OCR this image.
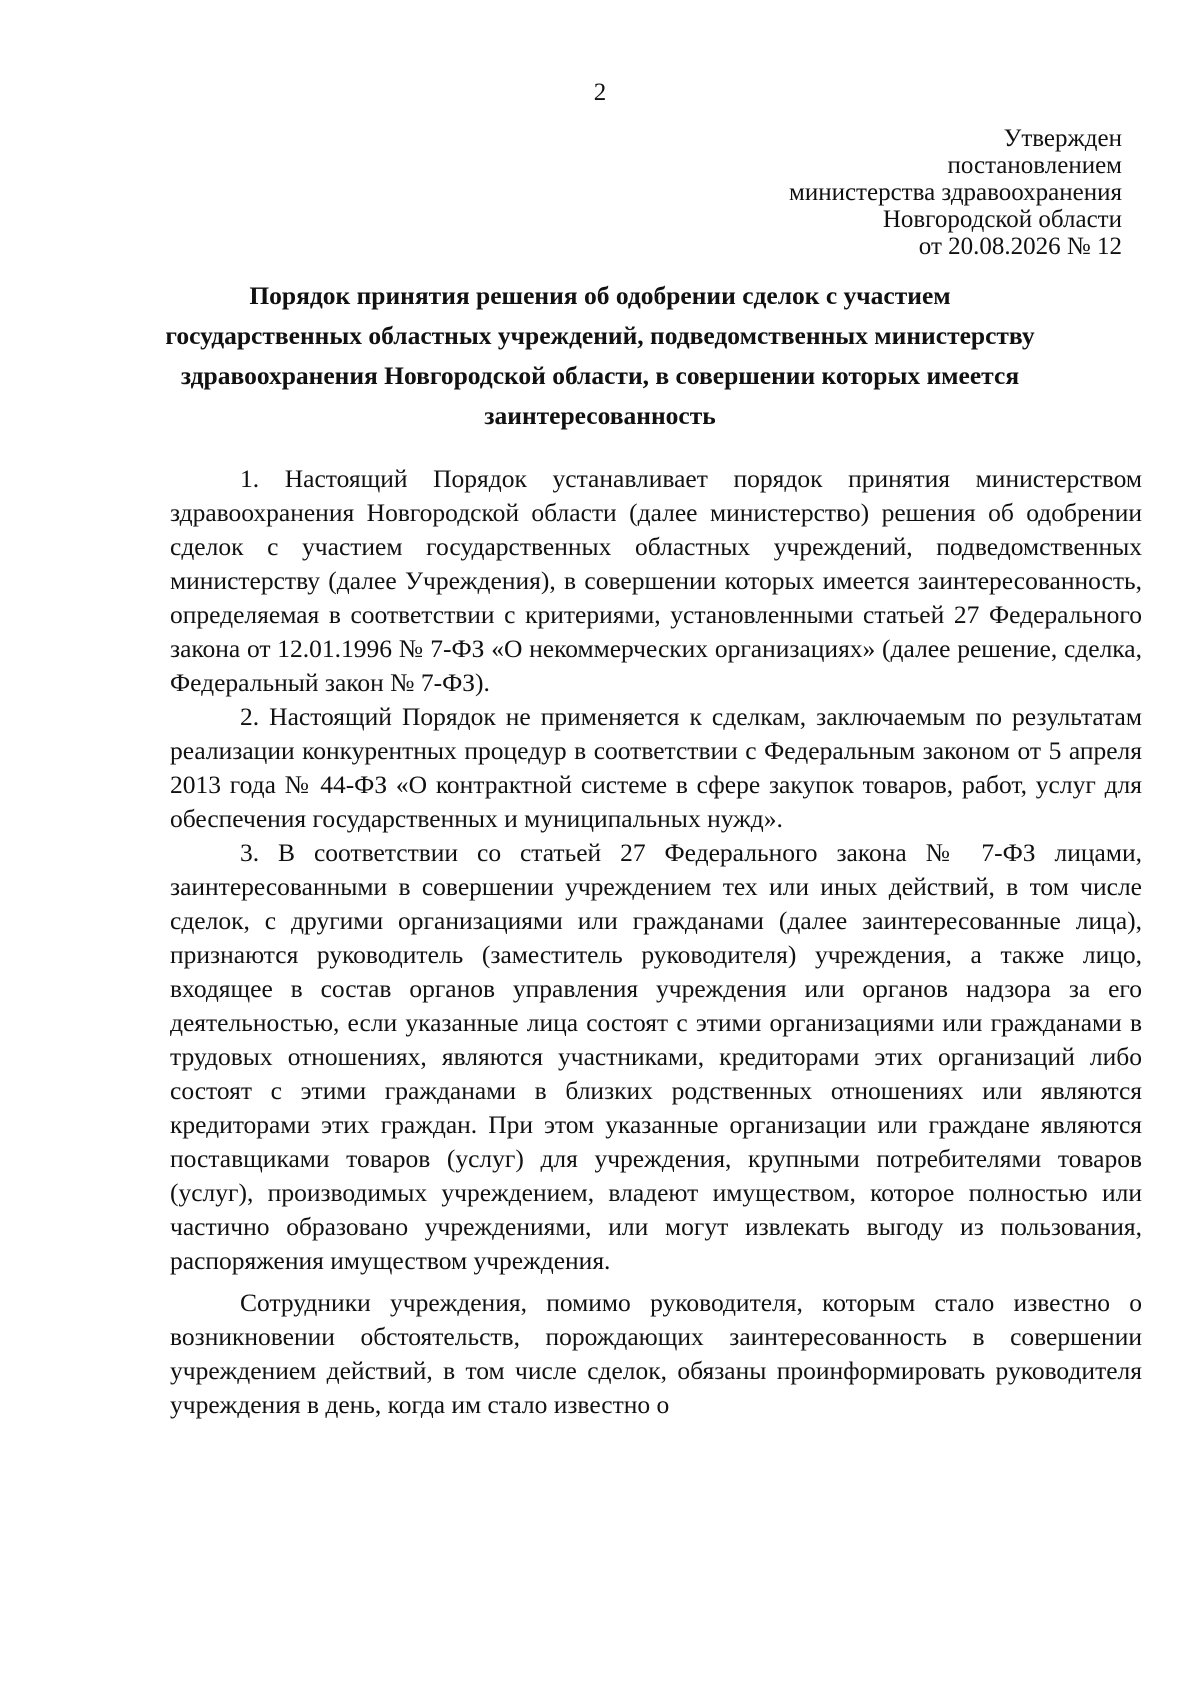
2
Утвержден
постановлением
министерства здравоохранения
Новгородской области
от 20.08.2026 № 12
Порядок принятия решения об одобрении сделок с участием
государственных областных учреждений, подведомственных министерству
здравоохранения Новгородской области, в совершении которых имеется
заинтересованность

1. Настоящий Порядок устанавливает порядок принятия министерством здравоохранения Новгородской области (далее министерство) решения об одобрении сделок с участием государственных областных учреждений, подведомственных министерству (далее Учреждения), в совершении которых имеется заинтересованность, определяемая в соответствии с критериями, установленными статьей 27 Федерального закона от 12.01.1996 № 7-ФЗ «О некоммерческих организациях» (далее решение, сделка, Федеральный закон № 7-ФЗ).

2. Настоящий Порядок не применяется к сделкам, заключаемым по результатам реализации конкурентных процедур в соответствии с Федеральным законом от 5 апреля 2013 года № 44-ФЗ «О контрактной системе в сфере закупок товаров, работ, услуг для обеспечения государственных и муниципальных нужд».

3. В соответствии со статьей 27 Федерального закона № 7-ФЗ лицами, заинтересованными в совершении учреждением тех или иных действий, в том числе сделок, с другими организациями или гражданами (далее заинтересованные лица), признаются руководитель (заместитель руководителя) учреждения, а также лицо, входящее в состав органов управления учреждения или органов надзора за его деятельностью, если указанные лица состоят с этими организациями или гражданами в трудовых отношениях, являются участниками, кредиторами этих организаций либо состоят с этими гражданами в близких родственных отношениях или являются кредиторами этих граждан. При этом указанные организации или граждане являются поставщиками товаров (услуг) для учреждения, крупными потребителями товаров (услуг), производимых учреждением, владеют имуществом, которое полностью или частично образовано учреждениями, или могут извлекать выгоду из пользования, распоряжения имуществом учреждения.

Сотрудники учреждения, помимо руководителя, которым стало известно о возникновении обстоятельств, порождающих заинтересованность в совершении учреждением действий, в том числе сделок, обязаны проинформировать руководителя учреждения в день, когда им стало известно о
